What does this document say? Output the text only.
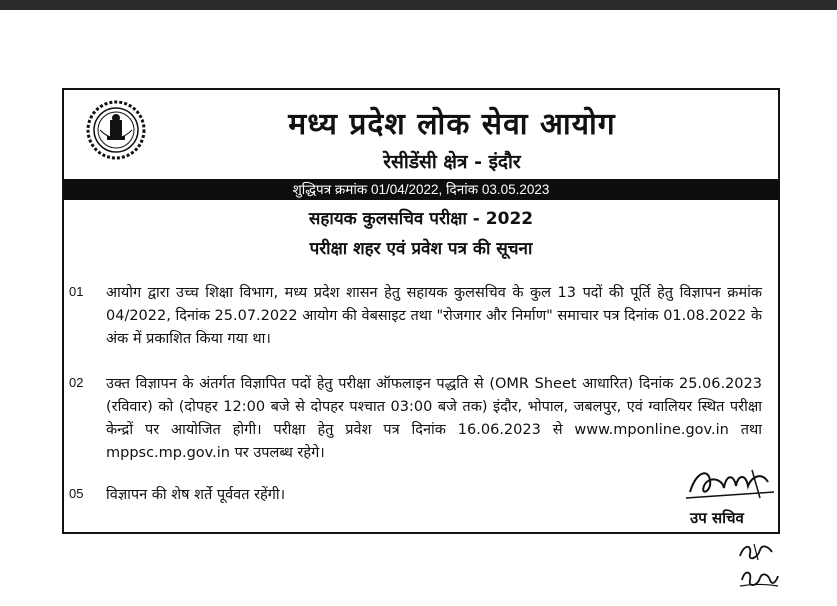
मध्य प्रदेश लोक सेवा आयोग
रेसीडेंसी क्षेत्र - इंदौर
शुद्धिपत्र क्रमांक 01/04/2022, दिनांक 03.05.2023
सहायक कुलसचिव परीक्षा - 2022
परीक्षा शहर एवं प्रवेश पत्र की सूचना
01 आयोग द्वारा उच्च शिक्षा विभाग, मध्य प्रदेश शासन हेतु सहायक कुलसचिव के कुल 13 पदों की पूर्ति हेतु विज्ञापन क्रमांक 04/2022, दिनांक 25.07.2022 आयोग की वेबसाइट तथा "रोजगार और निर्माण" समाचार पत्र दिनांक 01.08.2022 के अंक में प्रकाशित किया गया था।
02 उक्त विज्ञापन के अंतर्गत विज्ञापित पदों हेतु परीक्षा ऑफलाइन पद्धति से (OMR Sheet आधारित) दिनांक 25.06.2023 (रविवार) को (दोपहर 12:00 बजे से दोपहर पश्चात 03:00 बजे तक) इंदौर, भोपाल, जबलपुर, एवं ग्वालियर स्थित परीक्षा केन्द्रों पर आयोजित होगी। परीक्षा हेतु प्रवेश पत्र दिनांक 16.06.2023 से www.mponline.gov.in तथा mppsc.mp.gov.in पर उपलब्ध रहेगे।
05 विज्ञापन की शेष शर्ते पूर्ववत रहेंगी।
उप सचिव
